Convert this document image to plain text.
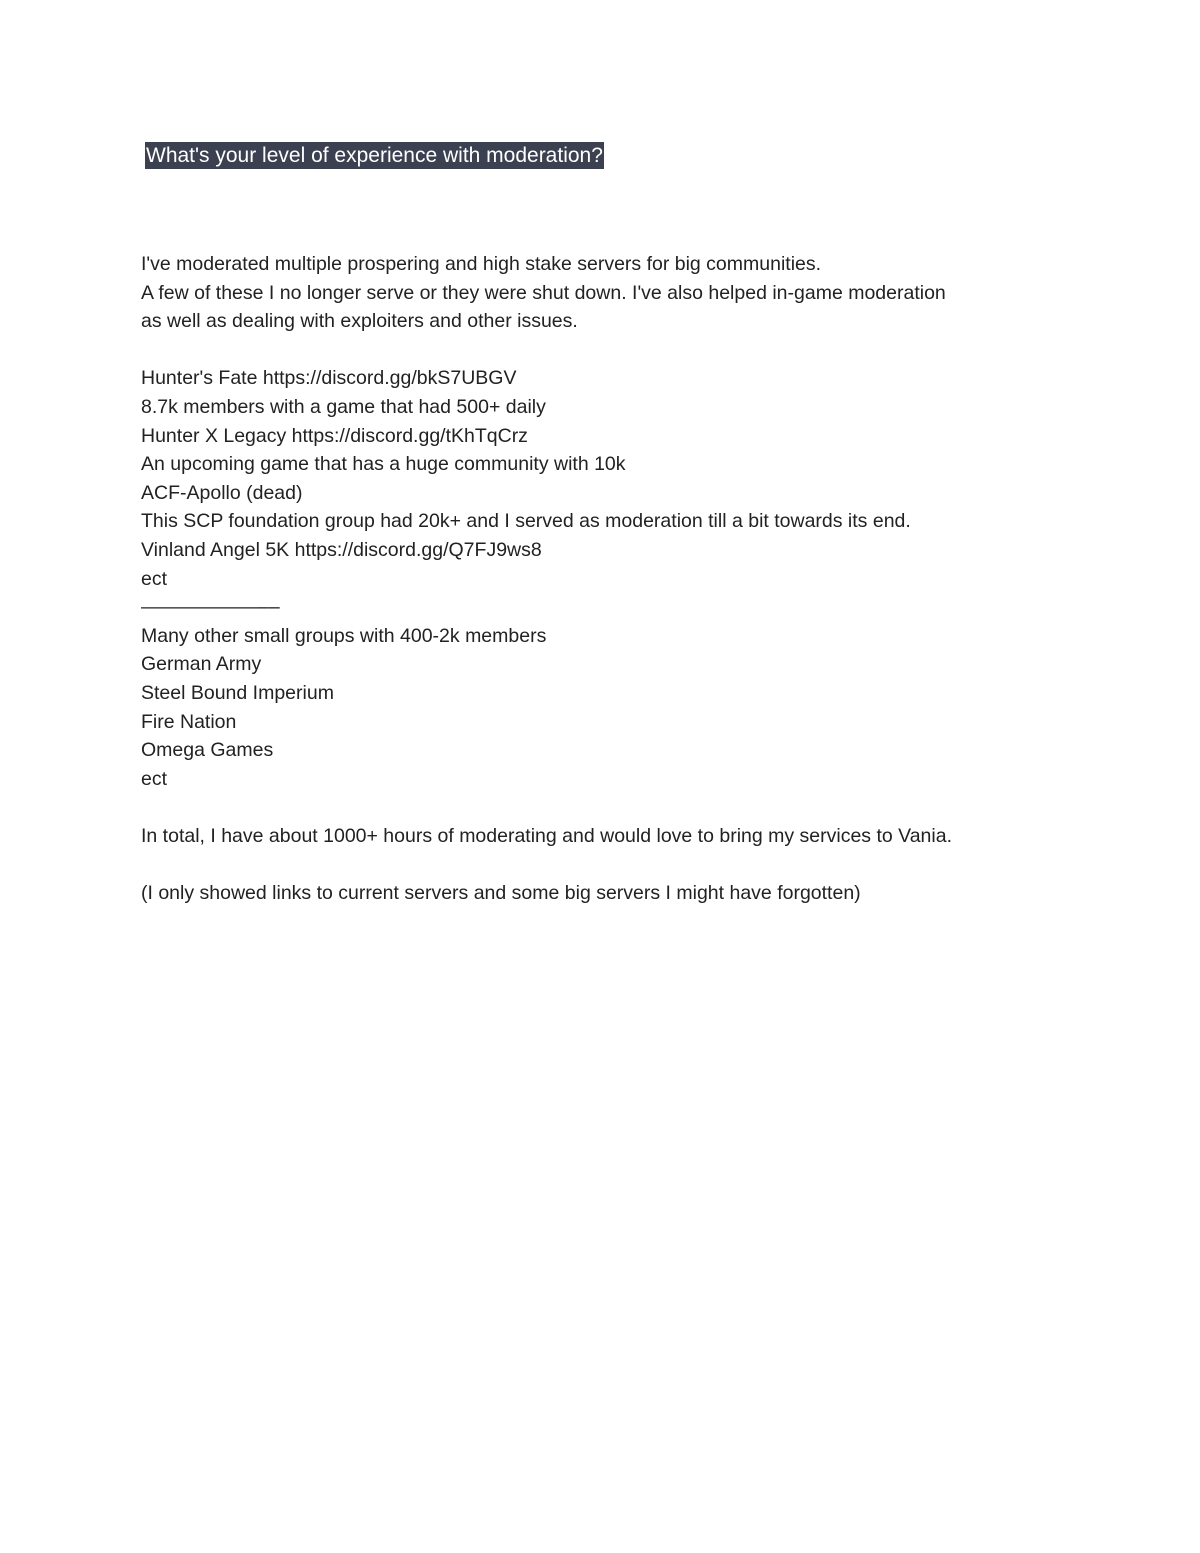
What's your level of experience with moderation?
I've moderated multiple prospering and high stake servers for big communities.
A few of these I no longer serve or they were shut down. I've also helped in-game moderation
as well as dealing with exploiters and other issues.
Hunter's Fate https://discord.gg/bkS7UBGV
8.7k members with a game that had 500+ daily
Hunter X Legacy https://discord.gg/tKhTqCrz
An upcoming game that has a huge community with 10k
ACF-Apollo (dead)
This SCP foundation group had 20k+ and I served as moderation till a bit towards its end.
Vinland Angel 5K https://discord.gg/Q7FJ9ws8
ect
——————––
Many other small groups with 400-2k members
German Army
Steel Bound Imperium
Fire Nation
Omega Games
ect
In total, I have about 1000+ hours of moderating and would love to bring my services to Vania.
(I only showed links to current servers and some big servers I might have forgotten)
